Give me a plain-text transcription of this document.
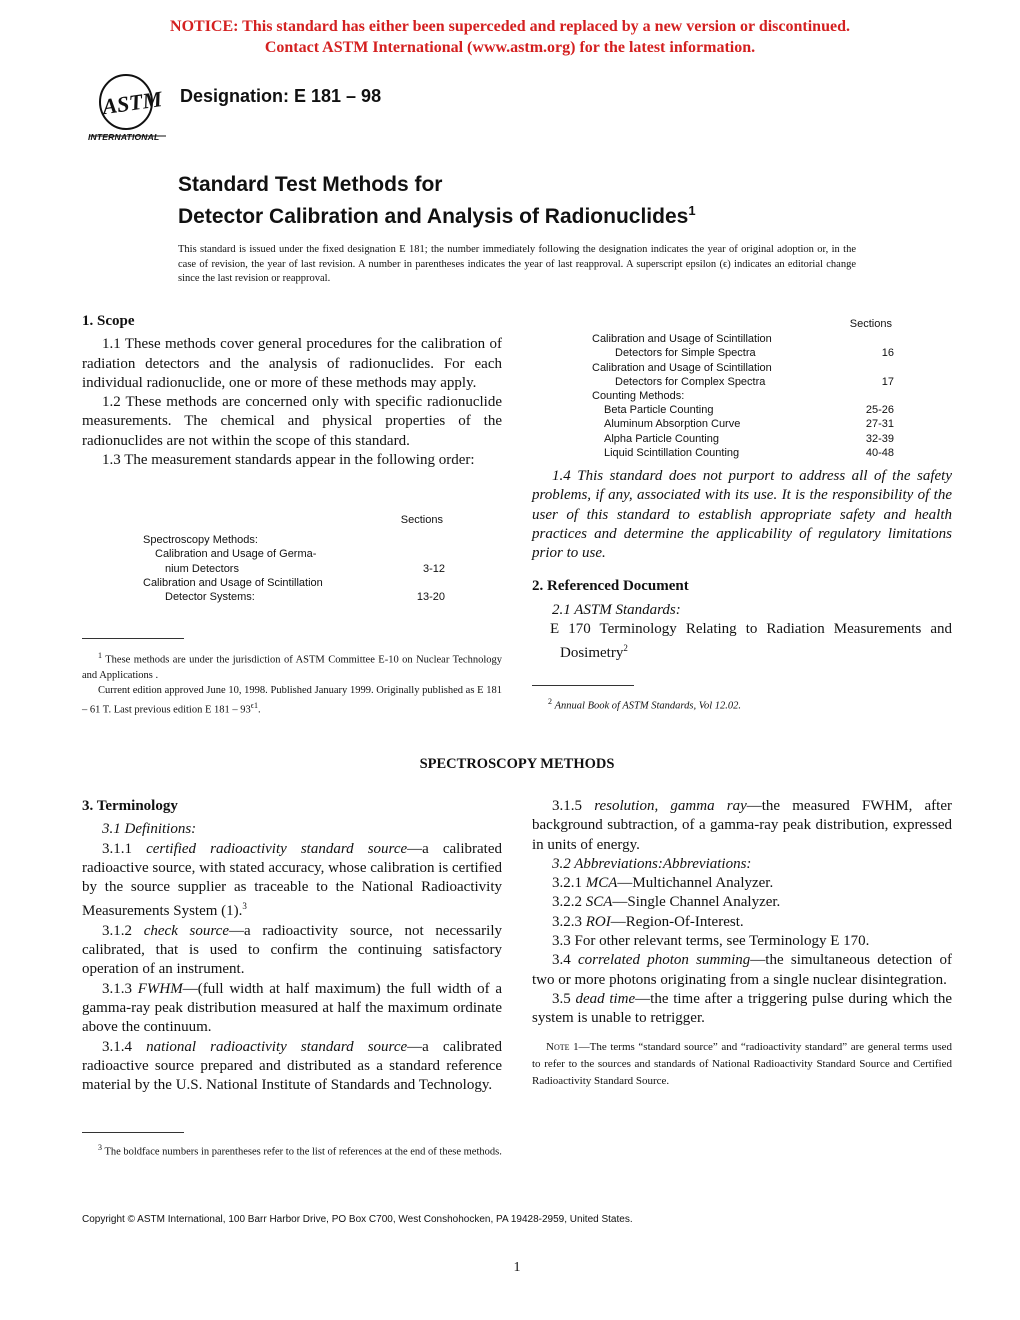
NOTICE: This standard has either been superceded and replaced by a new version or discontinued.
Contact ASTM International (www.astm.org) for the latest information.
ASTM
INTERNATIONAL
Designation: E 181 – 98
Standard Test Methods for
Detector Calibration and Analysis of Radionuclides$^1$
This standard is issued under the fixed designation E 181; the number immediately following the designation indicates the year of original adoption or, in the case of revision, the year of last revision. A number in parentheses indicates the year of last reapproval. A superscript epsilon (ϵ) indicates an editorial change since the last revision or reapproval.
1. Scope

1.1 These methods cover general procedures for the calibration of radiation detectors and the analysis of radionuclides. For each individual radionuclide, one or more of these methods may apply.

1.2 These methods are concerned only with specific radionuclide measurements. The chemical and physical properties of the radionuclides are not within the scope of this standard.

1.3 The measurement standards appear in the following order:

Sections
Spectroscopy Methods:
Calibration and Usage of Germa-
nium Detectors	3-12
Calibration and Usage of Scintillation
Detector Systems:	13-20
$^1$ These methods are under the jurisdiction of ASTM Committee E-10 on Nuclear Technology and Applications .
Current edition approved June 10, 1998. Published January 1999. Originally published as E 181 – 61 T. Last previous edition E $181 - 93^{\epsilon 1}$.
Sections
Calibration and Usage of Scintillation
Detectors for Simple Spectra	16
Calibration and Usage of Scintillation
Detectors for Complex Spectra	17
Counting Methods:
Beta Particle Counting	25-26
Aluminum Absorption Curve	27-31
Alpha Particle Counting	32-39
Liquid Scintillation Counting	40-48

1.4 This standard does not purport to address all of the safety problems, if any, associated with its use. It is the responsibility of the user of this standard to establish appropriate safety and health practices and determine the applicability of regulatory limitations prior to use.

2. Referenced Document

2.1 ASTM Standards:

E 170 Terminology Relating to Radiation Measurements and Dosimetry$^2$

$^2$ Annual Book of ASTM Standards, Vol 12.02.
SPECTROSCOPY METHODS
3. Terminology

3.1 Definitions:

3.1.1 certified radioactivity standard source—a calibrated radioactive source, with stated accuracy, whose calibration is certified by the source supplier as traceable to the National Radioactivity Measurements System (1).$^3$

3.1.2 check source—a radioactivity source, not necessarily calibrated, that is used to confirm the continuing satisfactory operation of an instrument.

3.1.3 FWHM—(full width at half maximum) the full width of a gamma-ray peak distribution measured at half the maximum ordinate above the continuum.

3.1.4 national radioactivity standard source—a calibrated radioactive source prepared and distributed as a standard reference material by the U.S. National Institute of Standards and Technology.

$^3$ The boldface numbers in parentheses refer to the list of references at the end of these methods.

3.1.5 resolution, gamma ray—the measured FWHM, after background subtraction, of a gamma-ray peak distribution, expressed in units of energy.

3.2 Abbreviations:Abbreviations:

3.2.1 MCA—Multichannel Analyzer.

3.2.2 SCA—Single Channel Analyzer.

3.2.3 ROI—Region-Of-Interest.

3.3 For other relevant terms, see Terminology E 170.

3.4 correlated photon summing—the simultaneous detection of two or more photons originating from a single nuclear disintegration.

3.5 dead time—the time after a triggering pulse during which the system is unable to retrigger.

Note 1—The terms “standard source” and “radioactivity standard” are general terms used to refer to the sources and standards of National Radioactivity Standard Source and Certified Radioactivity Standard Source.
Copyright © ASTM International, 100 Barr Harbor Drive, PO Box C700, West Conshohocken, PA 19428-2959, United States.
1
